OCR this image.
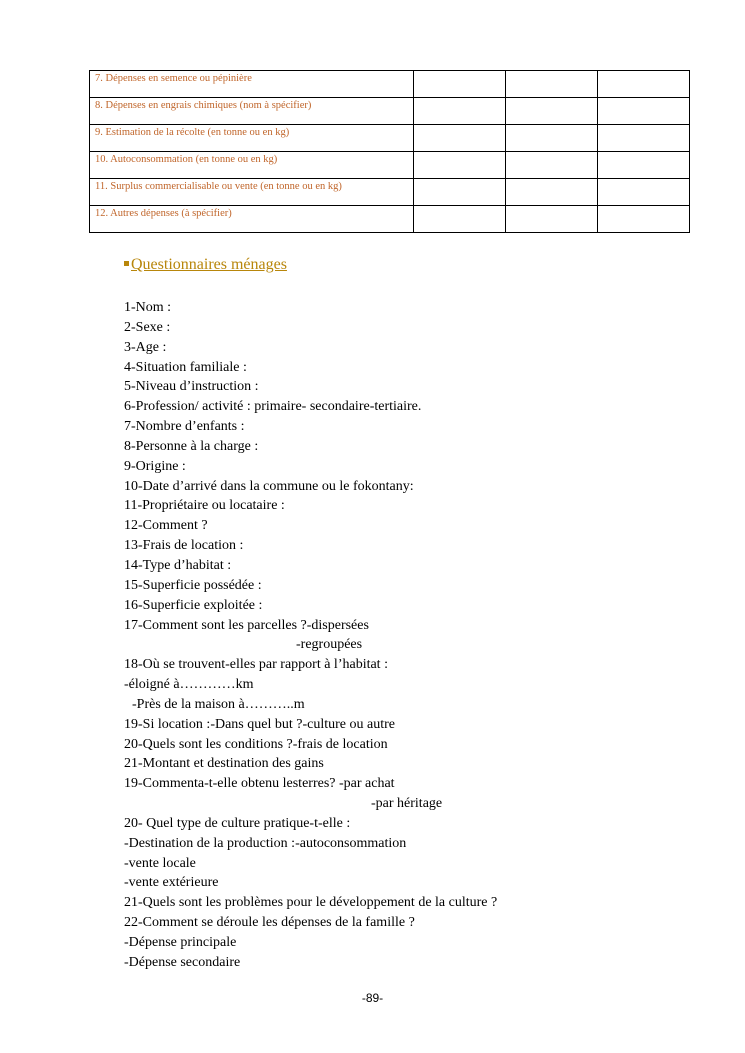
7. Dépenses en semence ou pépinière			
8. Dépenses en engrais chimiques (nom à spécifier)			
9. Estimation de la récolte (en tonne ou en kg)			
10. Autoconsommation (en tonne ou en kg)			
11. Surplus commercialisable ou vente (en tonne ou en kg)			
12. Autres dépenses (à spécifier)			
Questionnaires ménages
1-Nom :
2-Sexe :
3-Age :
4-Situation familiale :
5-Niveau d’instruction :
6-Profession/ activité : primaire- secondaire-tertiaire.
7-Nombre d’enfants :
8-Personne à la charge :
9-Origine :
10-Date d’arrivé dans la commune ou le fokontany:
11-Propriétaire ou locataire :
12-Comment ?
13-Frais de location :
14-Type d’habitat :
15-Superficie possédée :
16-Superficie exploitée :
17-Comment sont les parcelles ?-dispersées
-regroupées
18-Où se trouvent-elles par rapport à l’habitat :
-éloigné à…………km
-Près de la maison à………..m
19-Si location :-Dans quel but ?-culture ou autre
20-Quels sont les conditions ?-frais de location
21-Montant et destination des gains
19-Commenta-t-elle obtenu lesterres? -par achat
-par héritage
20- Quel type de culture pratique-t-elle :
-Destination de la production :-autoconsommation
-vente locale
-vente extérieure
21-Quels sont les problèmes pour le développement de la culture ?
22-Comment se déroule les dépenses de la famille ?
-Dépense principale
-Dépense secondaire
-89-
